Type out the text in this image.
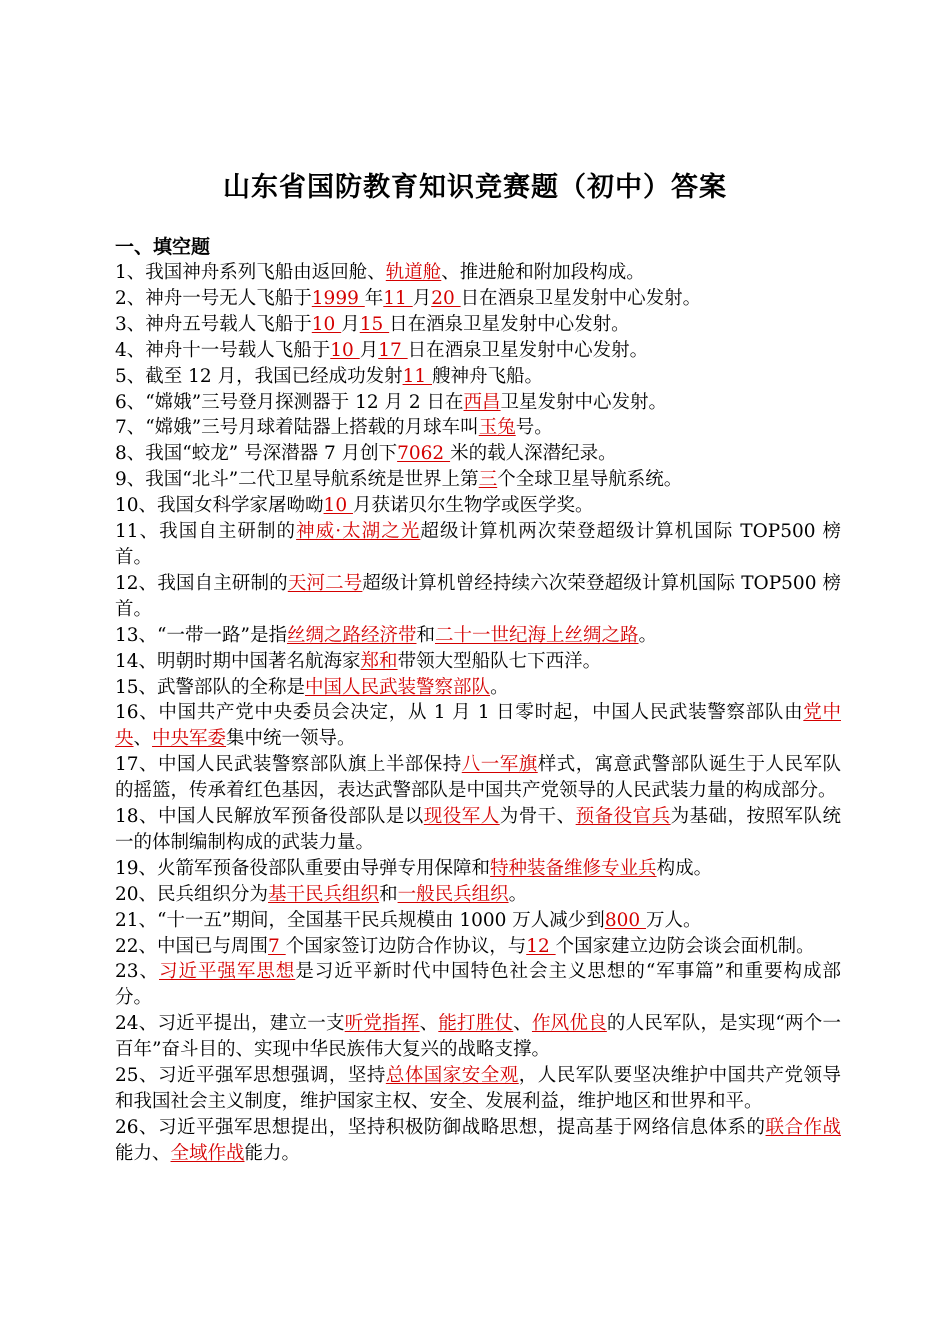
山东省国防教育知识竞赛题（初中）答案
一、填空题
1、我国神舟系列飞船由返回舱、轨道舱、推进舱和附加段构成。
2、神舟一号无人飞船于1999 年11 月20 日在酒泉卫星发射中心发射。
3、神舟五号载人飞船于10 月15 日在酒泉卫星发射中心发射。
4、神舟十一号载人飞船于10 月17 日在酒泉卫星发射中心发射。
5、截至 12 月，我国已经成功发射11 艘神舟飞船。
6、“嫦娥”三号登月探测器于 12 月 2 日在西昌卫星发射中心发射。
7、“嫦娥”三号月球着陆器上搭载的月球车叫玉兔号。
8、我国“蛟龙” 号深潜器 7 月创下7062 米的载人深潜纪录。
9、我国“北斗”二代卫星导航系统是世界上第三个全球卫星导航系统。
10、我国女科学家屠呦呦10 月获诺贝尔生物学或医学奖。
11、我国自主研制的神威·太湖之光超级计算机两次荣登超级计算机国际 TOP500 榜首。
12、我国自主研制的天河二号超级计算机曾经持续六次荣登超级计算机国际 TOP500 榜首。
13、“一带一路”是指丝绸之路经济带和二十一世纪海上丝绸之路。
14、明朝时期中国著名航海家郑和带领大型船队七下西洋。
15、武警部队的全称是中国人民武装警察部队。
16、中国共产党中央委员会决定，从 1 月 1 日零时起，中国人民武装警察部队由党中央、中央军委集中统一领导。
17、中国人民武装警察部队旗上半部保持八一军旗样式，寓意武警部队诞生于人民军队的摇篮，传承着红色基因，表达武警部队是中国共产党领导的人民武装力量的构成部分。
18、中国人民解放军预备役部队是以现役军人为骨干、预备役官兵为基础，按照军队统一的体制编制构成的武装力量。
19、火箭军预备役部队重要由导弹专用保障和特种装备维修专业兵构成。
20、民兵组织分为基干民兵组织和一般民兵组织。
21、“十一五”期间，全国基干民兵规模由 1000 万人减少到800 万人。
22、中国已与周围7 个国家签订边防合作协议，与12 个国家建立边防会谈会面机制。
23、习近平强军思想是习近平新时代中国特色社会主义思想的“军事篇”和重要构成部分。
24、习近平提出，建立一支听党指挥、能打胜仗、作风优良的人民军队，是实现“两个一百年”奋斗目的、实现中华民族伟大复兴的战略支撑。
25、习近平强军思想强调，坚持总体国家安全观，人民军队要坚决维护中国共产党领导和我国社会主义制度，维护国家主权、安全、发展利益，维护地区和世界和平。
26、习近平强军思想提出，坚持积极防御战略思想，提高基于网络信息体系的联合作战能力、全域作战能力。
